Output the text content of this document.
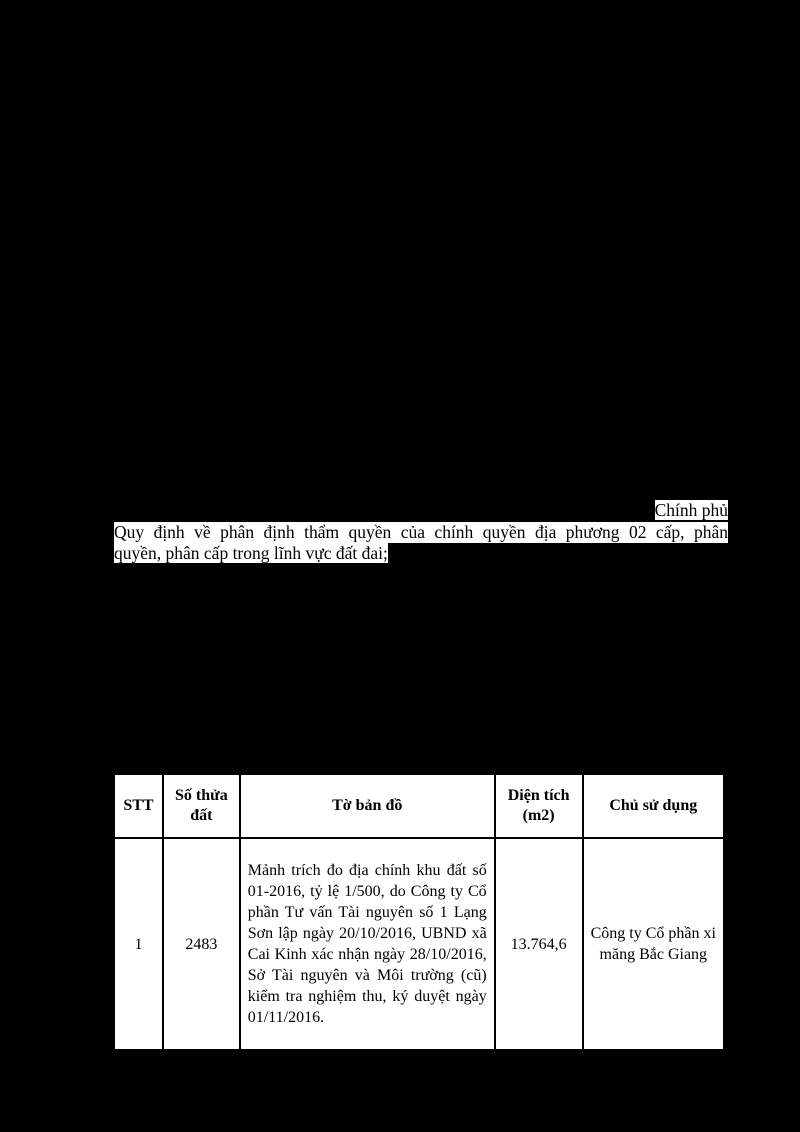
Chính phủ
Quy định về phân định thẩm quyền của chính quyền địa phương 02 cấp, phân
quyền, phân cấp trong lĩnh vực đất đai;
STT	Số thửa đất	Tờ bản đồ	Diện tích (m2)	Chủ sử dụng
1	2483	Mảnh trích đo địa chính khu đất số 01-2016, tỷ lệ 1/500, do Công ty Cổ phần Tư vấn Tài nguyên số 1 Lạng Sơn lập ngày 20/10/2016, UBND xã Cai Kinh xác nhận ngày 28/10/2016, Sở Tài nguyên và Môi trường (cũ) kiểm tra nghiệm thu, ký duyệt ngày 01/11/2016.	13.764,6	Công ty Cổ phần xi măng Bắc Giang
